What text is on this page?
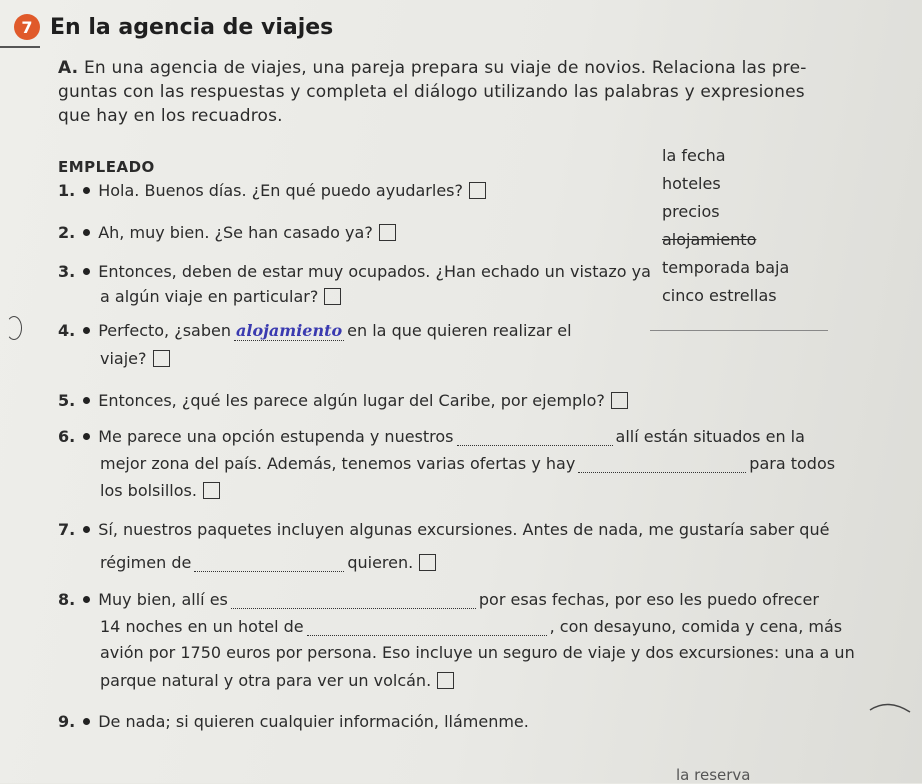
7 En la agencia de viajes
A. En una agencia de viajes, una pareja prepara su viaje de novios. Relaciona las pre-
guntas con las respuestas y completa el diálogo utilizando las palabras y expresiones
que hay en los recuadros.
EMPLEADO
la fecha
hoteles
precios
alojamiento
temporada baja
cinco estrellas
1. Hola. Buenos días. ¿En qué puedo ayudarles?
2. Ah, muy bien. ¿Se han casado ya?
3. Entonces, deben de estar muy ocupados. ¿Han echado un vistazo ya
a algún viaje en particular?
4. Perfecto, ¿saben alojamiento en la que quieren realizar el
viaje?
5. Entonces, ¿qué les parece algún lugar del Caribe, por ejemplo?
6. Me parece una opción estupenda y nuestros	allí están situados en la
mejor zona del país. Además, tenemos varias ofertas y hay	para todos
los bolsillos.
7. Sí, nuestros paquetes incluyen algunas excursiones. Antes de nada, me gustaría saber qué
régimen de	quieren.
8. Muy bien, allí es	por esas fechas, por eso les puedo ofrecer
14 noches en un hotel de	, con desayuno, comida y cena, más
avión por 1750 euros por persona. Eso incluye un seguro de viaje y dos excursiones: una a un
parque natural y otra para ver un volcán.
9. De nada; si quieren cualquier información, llámenme.
la reserva
